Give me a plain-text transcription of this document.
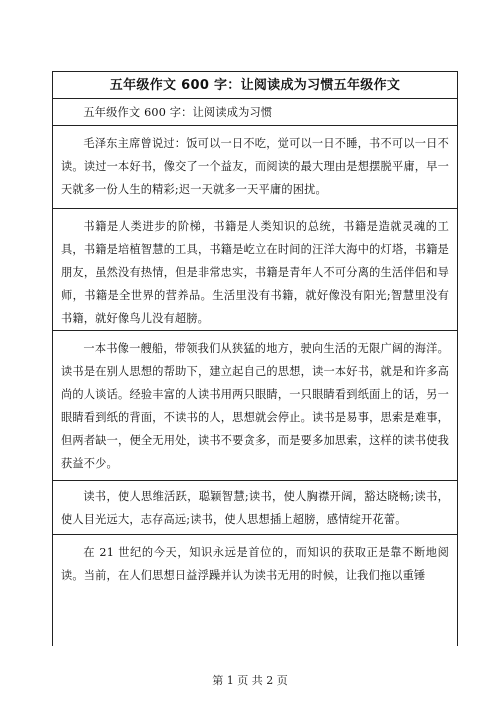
五年级作文 600 字：让阅读成为习惯五年级作文

五年级作文 600 字：让阅读成为习惯

毛泽东主席曾说过：饭可以一日不吃，觉可以一日不睡，书不可以一日不读。读过一本好书，像交了一个益友，而阅读的最大理由是想摆脱平庸，早一天就多一份人生的精彩;迟一天就多一天平庸的困扰。

书籍是人类进步的阶梯，书籍是人类知识的总统，书籍是造就灵魂的工具，书籍是培植智慧的工具，书籍是屹立在时间的汪洋大海中的灯塔，书籍是朋友，虽然没有热情，但是非常忠实，书籍是青年人不可分离的生活伴侣和导师，书籍是全世界的营养品。生活里没有书籍，就好像没有阳光;智慧里没有书籍，就好像鸟儿没有超膀。

一本书像一艘船，带领我们从狭猛的地方，驶向生活的无限广阔的海洋。读书是在别人思想的帮助下，建立起自己的思想，读一本好书，就是和许多高尚的人谈话。经验丰富的人读书用两只眼睛，一只眼睛看到纸面上的话，另一眼睛看到纸的背面，不读书的人，思想就会停止。读书是易事，思索是难事，但两者缺一，便全无用处，读书不要贪多，而是要多加思索，这样的读书使我获益不少。

读书，使人思维活跃，聪颖智慧;读书，使人胸襟开阔，豁达晓畅;读书，使人目光远大，志存高远;读书，使人思想插上超膀，感情绽开花蕾。

在 21 世纪的今天，知识永远是首位的，而知识的获取正是靠不断地阅读。当前，在人们思想日益浮躁并认为读书无用的时候，让我们拖以重锤

第 1 页 共 2 页
